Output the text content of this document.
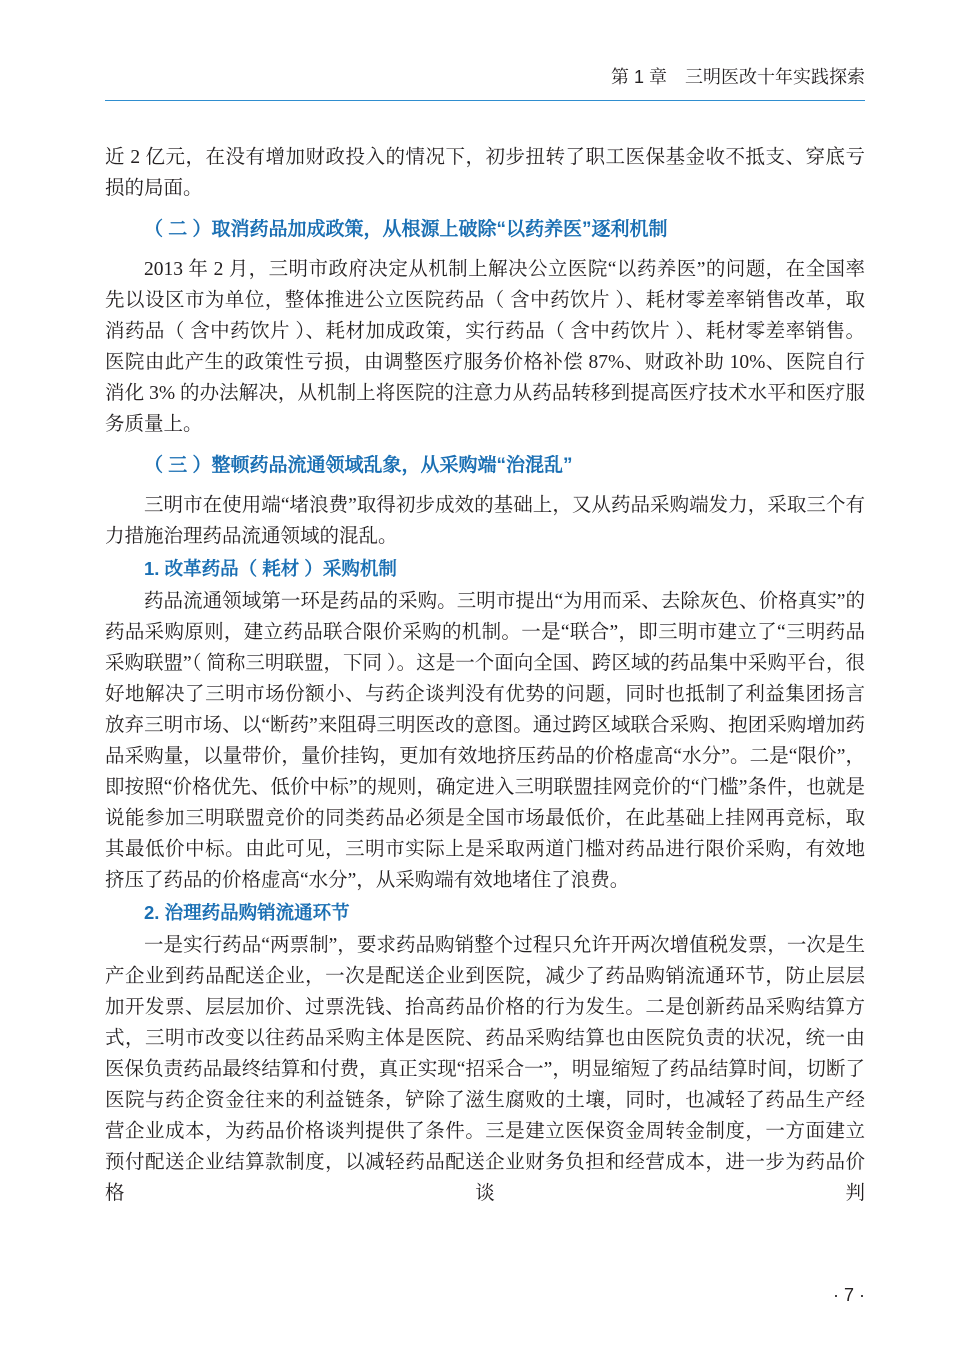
第 1 章　三明医改十年实践探索

近 2 亿元，在没有增加财政投入的情况下，初步扭转了职工医保基金收不抵支、穿底亏损的局面。

（ 二 ）取消药品加成政策，从根源上破除“以药养医”逐利机制

2013 年 2 月，三明市政府决定从机制上解决公立医院“以药养医”的问题，在全国率先以设区市为单位，整体推进公立医院药品（ 含中药饮片 ）、耗材零差率销售改革，取消药品（ 含中药饮片 ）、耗材加成政策，实行药品（ 含中药饮片 ）、耗材零差率销售。医院由此产生的政策性亏损，由调整医疗服务价格补偿 87%、财政补助 10%、医院自行消化 3% 的办法解决，从机制上将医院的注意力从药品转移到提高医疗技术水平和医疗服务质量上。

（ 三 ）整顿药品流通领域乱象，从采购端“治混乱”

三明市在使用端“堵浪费”取得初步成效的基础上，又从药品采购端发力，采取三个有力措施治理药品流通领域的混乱。

1. 改革药品（ 耗材 ）采购机制

药品流通领域第一环是药品的采购。三明市提出“为用而采、去除灰色、价格真实”的药品采购原则，建立药品联合限价采购的机制。一是“联合”，即三明市建立了“三明药品采购联盟”（ 简称三明联盟，下同 ）。这是一个面向全国、跨区域的药品集中采购平台，很好地解决了三明市场份额小、与药企谈判没有优势的问题，同时也抵制了利益集团扬言放弃三明市场、以“断药”来阻碍三明医改的意图。通过跨区域联合采购、抱团采购增加药品采购量，以量带价，量价挂钩，更加有效地挤压药品的价格虚高“水分”。二是“限价”，即按照“价格优先、低价中标”的规则，确定进入三明联盟挂网竞价的“门槛”条件，也就是说能参加三明联盟竞价的同类药品必须是全国市场最低价，在此基础上挂网再竞标，取其最低价中标。由此可见，三明市实际上是采取两道门槛对药品进行限价采购，有效地挤压了药品的价格虚高“水分”，从采购端有效地堵住了浪费。

2. 治理药品购销流通环节

一是实行药品“两票制”，要求药品购销整个过程只允许开两次增值税发票，一次是生产企业到药品配送企业，一次是配送企业到医院，减少了药品购销流通环节，防止层层加开发票、层层加价、过票洗钱、抬高药品价格的行为发生。二是创新药品采购结算方式，三明市改变以往药品采购主体是医院、药品采购结算也由医院负责的状况，统一由医保负责药品最终结算和付费，真正实现“招采合一”，明显缩短了药品结算时间，切断了医院与药企资金往来的利益链条，铲除了滋生腐败的土壤，同时，也减轻了药品生产经营企业成本，为药品价格谈判提供了条件。三是建立医保资金周转金制度，一方面建立预付配送企业结算款制度，以减轻药品配送企业财务负担和经营成本，进一步为药品价格谈判

· 7 ·
